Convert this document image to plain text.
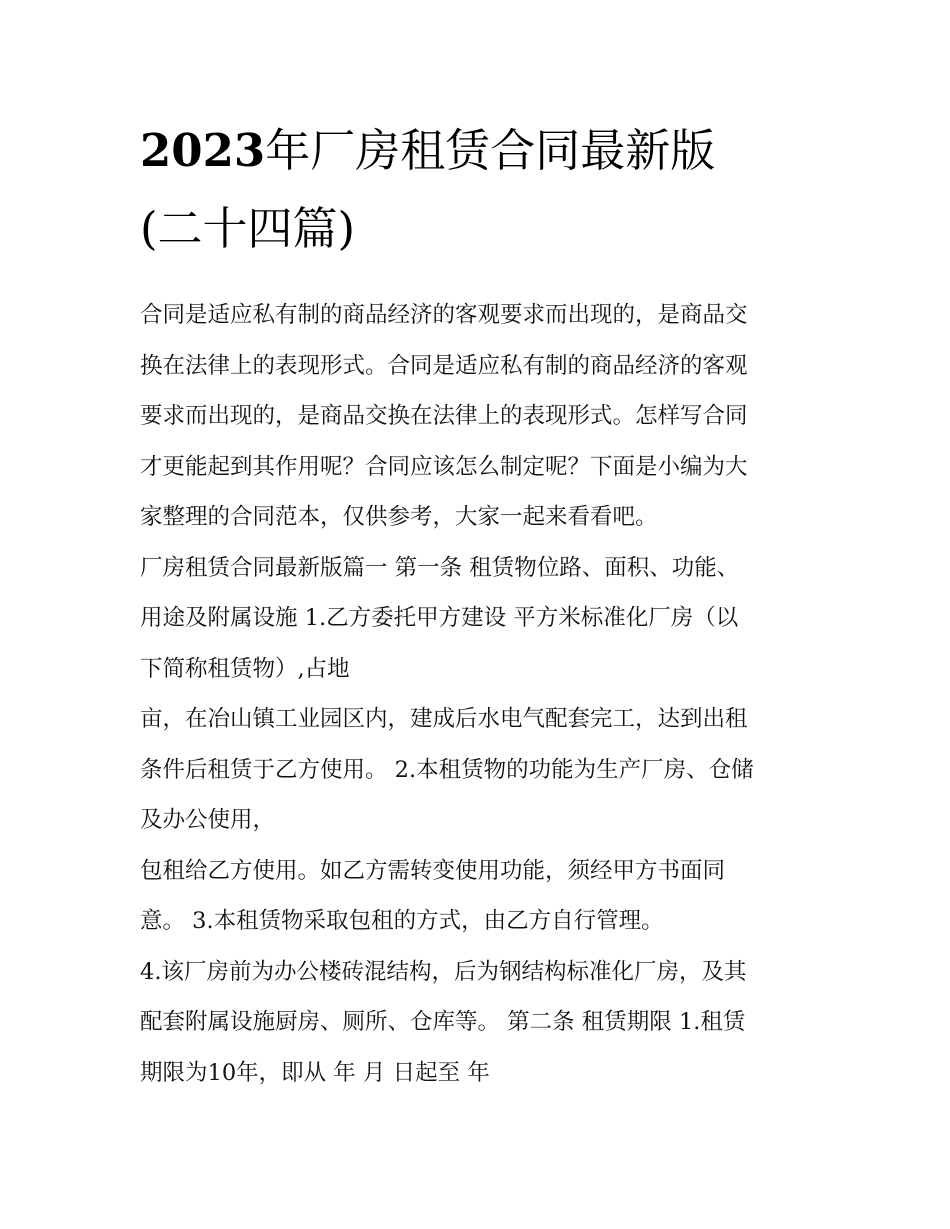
2023年厂房租赁合同最新版
(二十四篇)
合同是适应私有制的商品经济的客观要求而出现的，是商品交
换在法律上的表现形式。合同是适应私有制的商品经济的客观
要求而出现的，是商品交换在法律上的表现形式。怎样写合同
才更能起到其作用呢？合同应该怎么制定呢？下面是小编为大
家整理的合同范本，仅供参考，大家一起来看看吧。
厂房租赁合同最新版篇一 第一条 租赁物位路、面积、功能、
用途及附属设施 1.乙方委托甲方建设 平方米标准化厂房（以
下简称租赁物）,占地
亩，在冶山镇工业园区内，建成后水电气配套完工，达到出租
条件后租赁于乙方使用。 2.本租赁物的功能为生产厂房、仓储
及办公使用，
包租给乙方使用。如乙方需转变使用功能，须经甲方书面同
意。 3.本租赁物采取包租的方式，由乙方自行管理。
4.该厂房前为办公楼砖混结构，后为钢结构标准化厂房，及其
配套附属设施厨房、厕所、仓库等。 第二条 租赁期限 1.租赁
期限为10年，即从 年 月 日起至 年
